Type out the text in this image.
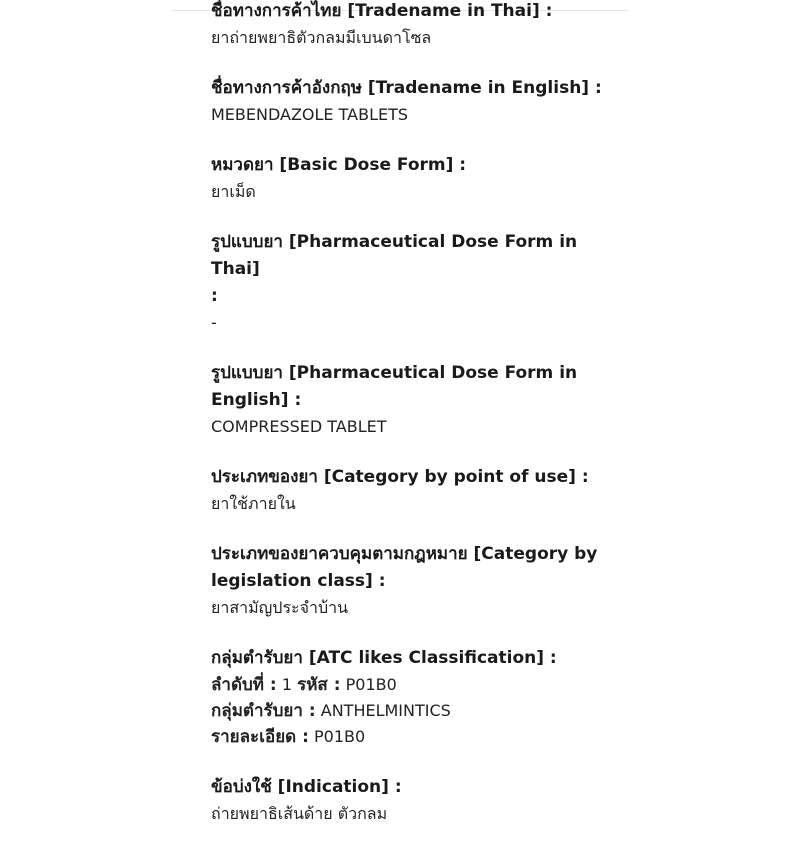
ชื่อทางการค้าไทย [Tradename in Thai] :
ยาถ่ายพยาธิตัวกลมมีเบนดาโซล
ชื่อทางการค้าอังกฤษ [Tradename in English] :
MEBENDAZOLE TABLETS
หมวดยา [Basic Dose Form] :
ยาเม็ด
รูปแบบยา [Pharmaceutical Dose Form in Thai]
:
-
รูปแบบยา [Pharmaceutical Dose Form in
English] :
COMPRESSED TABLET
ประเภทของยา [Category by point of use] :
ยาใช้ภายใน
ประเภทของยาควบคุมตามกฎหมาย [Category by
legislation class] :
ยาสามัญประจำบ้าน
กลุ่มตำรับยา [ATC likes Classification] :
ลำดับที่ : 1 รหัส : P01B0
กลุ่มตำรับยา : ANTHELMINTICS
รายละเอียด : P01B0
ข้อบ่งใช้ [Indication] :
ถ่ายพยาธิเส้นด้าย ตัวกลม
